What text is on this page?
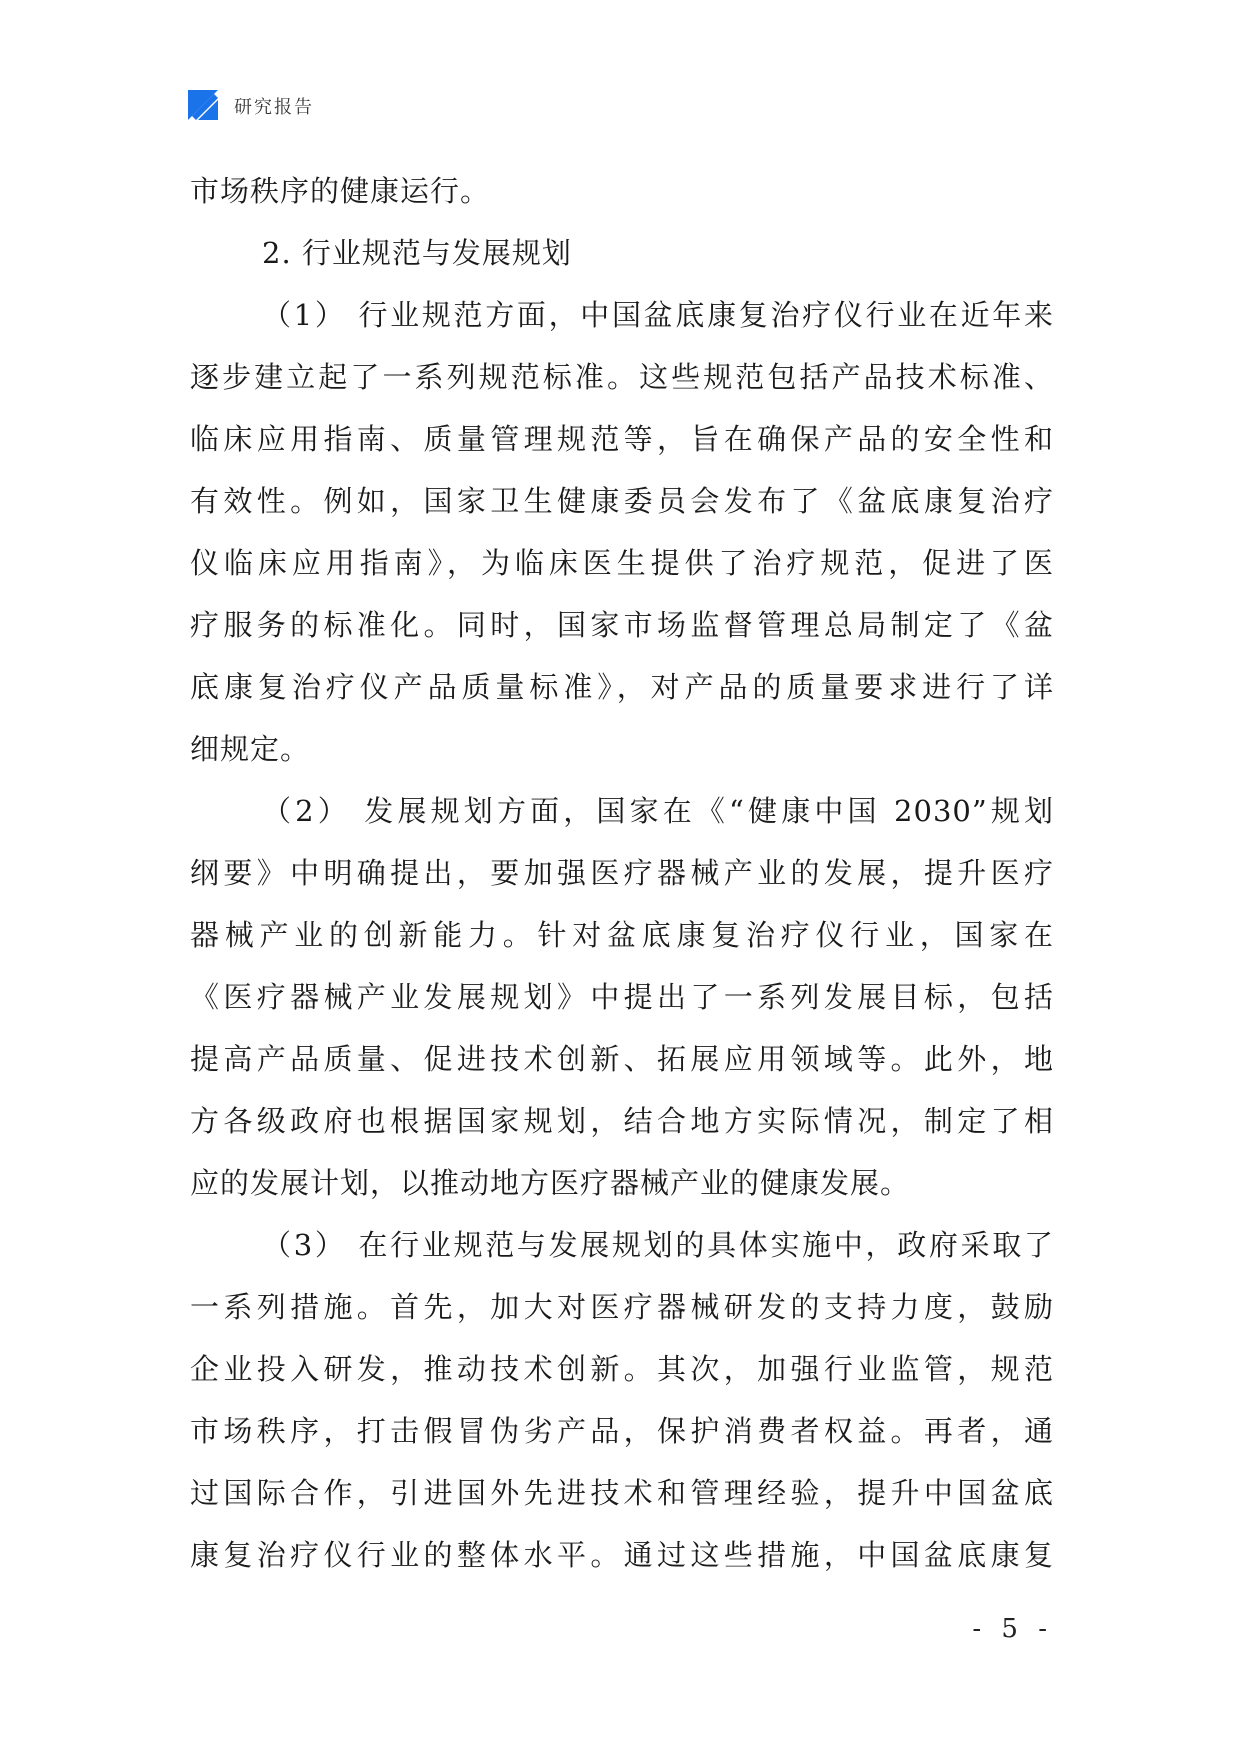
研究报告
市场秩序的健康运行。
2. 行业规范与发展规划
（1） 行业规范方面，中国盆底康复治疗仪行业在近年来
逐步建立起了一系列规范标准。这些规范包括产品技术标准、
临床应用指南、质量管理规范等，旨在确保产品的安全性和
有效性。例如，国家卫生健康委员会发布了《盆底康复治疗
仪临床应用指南》，为临床医生提供了治疗规范，促进了医
疗服务的标准化。同时，国家市场监督管理总局制定了《盆
底康复治疗仪产品质量标准》，对产品的质量要求进行了详
细规定。
（2） 发展规划方面，国家在《“健康中国 2030”规划
纲要》中明确提出，要加强医疗器械产业的发展，提升医疗
器械产业的创新能力。针对盆底康复治疗仪行业，国家在
《医疗器械产业发展规划》中提出了一系列发展目标，包括
提高产品质量、促进技术创新、拓展应用领域等。此外，地
方各级政府也根据国家规划，结合地方实际情况，制定了相
应的发展计划，以推动地方医疗器械产业的健康发展。
（3） 在行业规范与发展规划的具体实施中，政府采取了
一系列措施。首先，加大对医疗器械研发的支持力度，鼓励
企业投入研发，推动技术创新。其次，加强行业监管，规范
市场秩序，打击假冒伪劣产品，保护消费者权益。再者，通
过国际合作，引进国外先进技术和管理经验，提升中国盆底
康复治疗仪行业的整体水平。通过这些措施，中国盆底康复
- 5 -
